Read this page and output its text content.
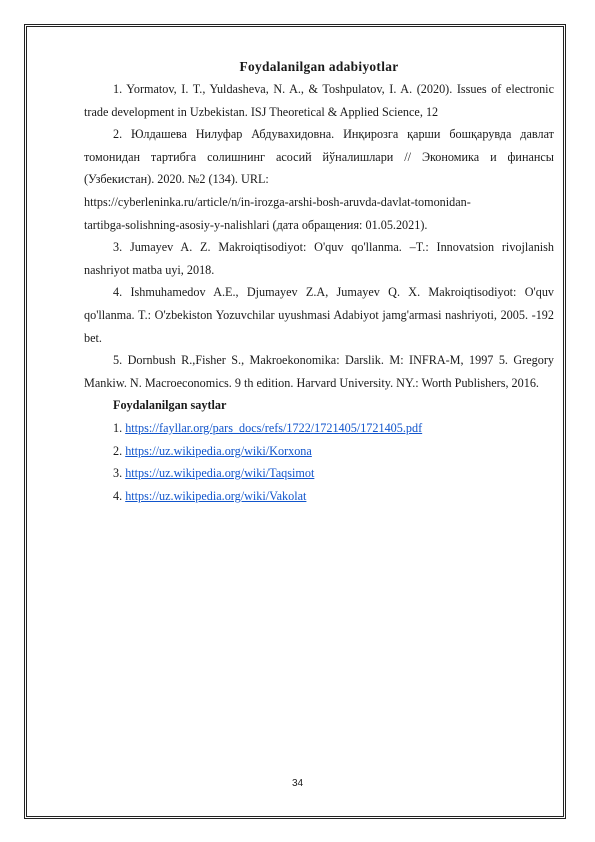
Foydalanilgan adabiyotlar

1. Yormatov, I. T., Yuldasheva, N. A., & Toshpulatov, I. A. (2020). Issues of electronic trade development in Uzbekistan. ISJ Theoretical & Applied Science, 12

2. Юлдашева Нилуфар Абдувахидовна. Инқирозга қарши бошқарувда давлат томонидан тартибга солишнинг асосий йўналишлари // Экономика и финансы (Узбекистан). 2020. №2 (134). URL:

https://cyberleninka.ru/article/n/in-irozga-arshi-bosh-aruvda-davlat-tomonidan-

tartibga-solishning-asosiy-y-nalishlari (дата обращения: 01.05.2021).

3. Jumayev A. Z. Makroiqtisodiyot: O'quv qo'llanma. –T.: Innovatsion rivojlanish nashriyot matba uyi, 2018.

4. Ishmuhamedov A.E., Djumayev Z.A, Jumayev Q. X. Makroiqtisodiyot: O'quv qo'llanma. T.: O'zbekiston Yozuvchilar uyushmasi Adabiyot jamg'armasi nashriyoti, 2005. -192 bet.

5. Dornbush R.,Fisher S., Makroekonomika: Darslik. M: INFRA-M, 1997 5. Gregory Mankiw. N. Macroeconomics. 9 th edition. Harvard University. NY.: Worth Publishers, 2016.

Foydalanilgan saytlar

1. https://fayllar.org/pars_docs/refs/1722/1721405/1721405.pdf

2. https://uz.wikipedia.org/wiki/Korxona

3. https://uz.wikipedia.org/wiki/Taqsimot

4. https://uz.wikipedia.org/wiki/Vakolat

34
